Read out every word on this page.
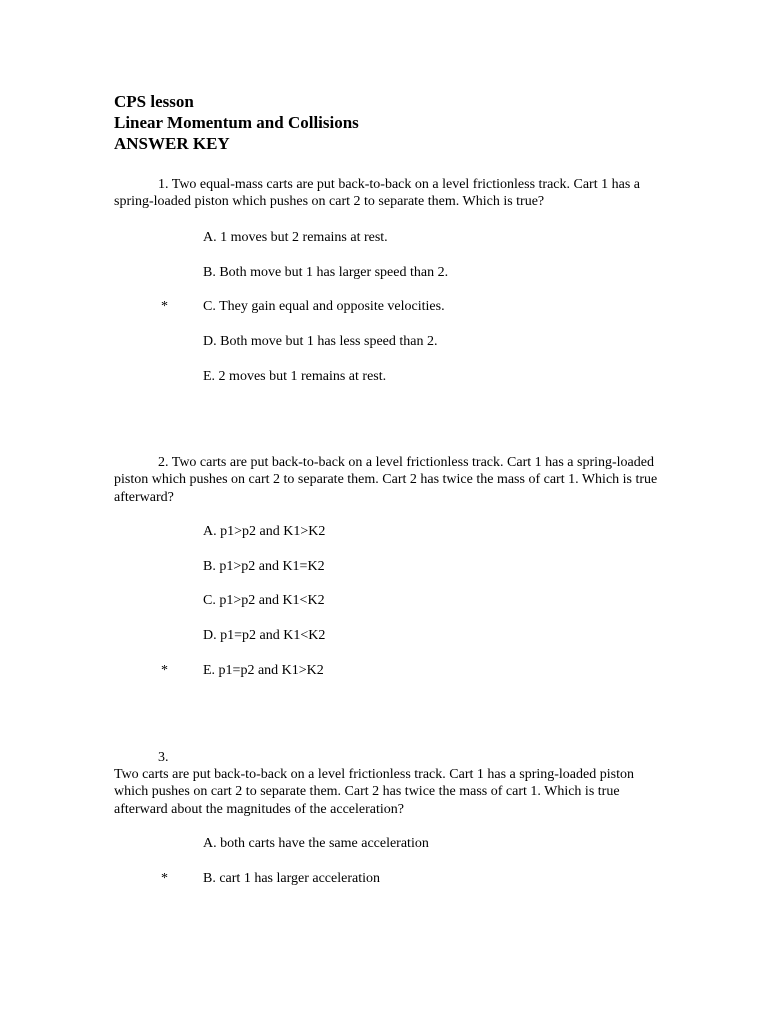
CPS lesson
Linear Momentum and Collisions
ANSWER KEY
1. Two equal-mass carts are put back-to-back on a level frictionless track. Cart 1 has a spring-loaded piston which pushes on cart 2 to separate them. Which is true?
A. 1 moves but 2 remains at rest.
B. Both move but 1 has larger speed than 2.
*	C. They gain equal and opposite velocities.
D. Both move but 1 has less speed than 2.
E. 2 moves but 1 remains at rest.
2. Two carts are put back-to-back on a level frictionless track. Cart 1 has a spring-loaded piston which pushes on cart 2 to separate them. Cart 2 has twice the mass of cart 1. Which is true afterward?
A. p1>p2 and K1>K2
B. p1>p2 and K1=K2
C. p1>p2 and K1<K2
D. p1=p2 and K1<K2
*	E. p1=p2 and K1>K2
3.
Two carts are put back-to-back on a level frictionless track. Cart 1 has a spring-loaded piston which pushes on cart 2 to separate them. Cart 2 has twice the mass of cart 1. Which is true afterward about the magnitudes of the acceleration?
A. both carts have the same acceleration
*	B. cart 1 has larger acceleration
